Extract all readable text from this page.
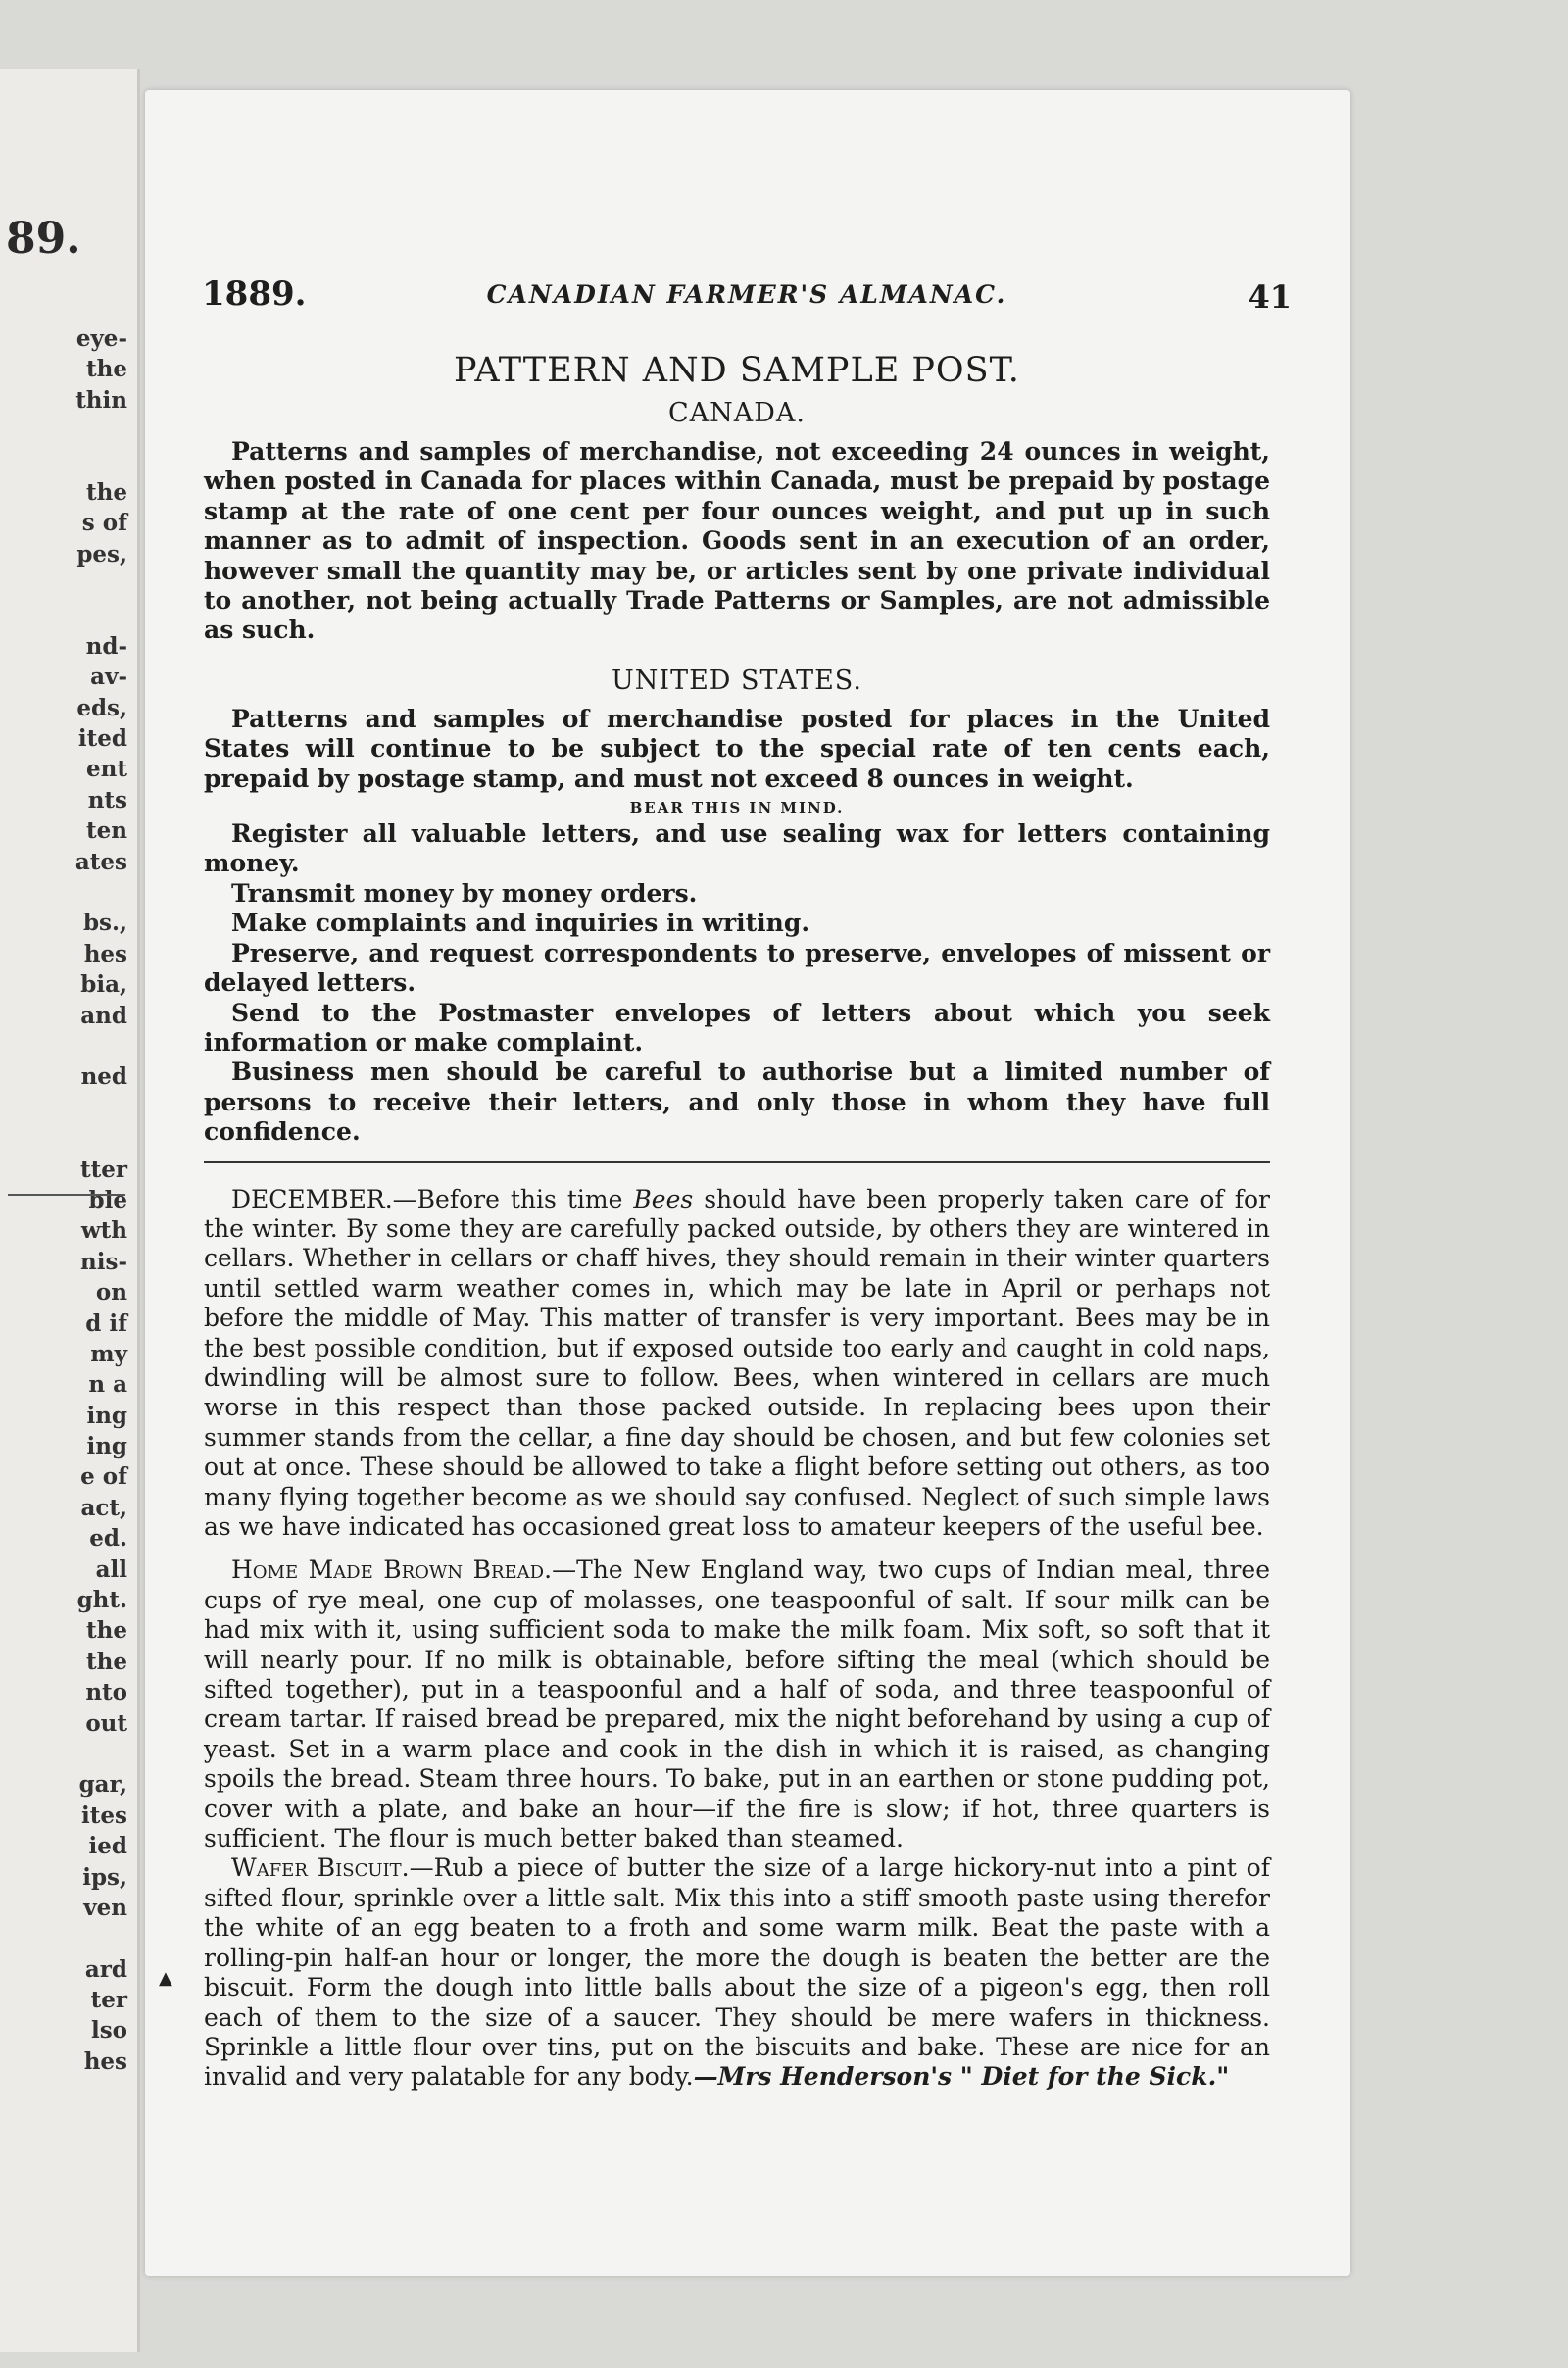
89.
eye-
the
thin
the
s of
pes,
nd-
av-
eds,
ited
ent
nts
ten
ates
bs.,
hes
bia,
and
ned
tter
ble
wth
nis-
on
d if
my
n a
ing
ing
e of
act,
ed.
all
ght.
the
the
nto
out
gar,
ites
ied
ips,
ven
ard
ter
lso
hes
1889.	CANADIAN FARMER'S ALMANAC.	41
PATTERN AND SAMPLE POST.
CANADA.

Patterns and samples of merchandise, not exceeding 24 ounces in weight, when posted in Canada for places within Canada, must be prepaid by postage stamp at the rate of one cent per four ounces weight, and put up in such manner as to admit of inspection. Goods sent in an execution of an order, however small the quantity may be, or articles sent by one private individual to another, not being actually Trade Patterns or Samples, are not admissible as such.

UNITED STATES.

Patterns and samples of merchandise posted for places in the United States will continue to be subject to the special rate of ten cents each, prepaid by postage stamp, and must not exceed 8 ounces in weight.

BEAR THIS IN MIND.

Register all valuable letters, and use sealing wax for letters containing money.

Transmit money by money orders.

Make complaints and inquiries in writing.

Preserve, and request correspondents to preserve, envelopes of missent or delayed letters.

Send to the Postmaster envelopes of letters about which you seek information or make complaint.

Business men should be careful to authorise but a limited number of persons to receive their letters, and only those in whom they have full confidence.

DECEMBER.—Before this time Bees should have been properly taken care of for the winter. By some they are carefully packed outside, by others they are wintered in cellars. Whether in cellars or chaff hives, they should remain in their winter quarters until settled warm weather comes in, which may be late in April or perhaps not before the middle of May. This matter of transfer is very important. Bees may be in the best possible condition, but if exposed outside too early and caught in cold naps, dwindling will be almost sure to follow. Bees, when wintered in cellars are much worse in this respect than those packed outside. In replacing bees upon their summer stands from the cellar, a fine day should be chosen, and but few colonies set out at once. These should be allowed to take a flight before setting out others, as too many flying together become as we should say confused. Neglect of such simple laws as we have indicated has occasioned great loss to amateur keepers of the useful bee.

Home Made Brown Bread.—The New England way, two cups of Indian meal, three cups of rye meal, one cup of molasses, one teaspoonful of salt. If sour milk can be had mix with it, using sufficient soda to make the milk foam. Mix soft, so soft that it will nearly pour. If no milk is obtainable, before sifting the meal (which should be sifted together), put in a teaspoonful and a half of soda, and three teaspoonful of cream tartar. If raised bread be prepared, mix the night beforehand by using a cup of yeast. Set in a warm place and cook in the dish in which it is raised, as changing spoils the bread. Steam three hours. To bake, put in an earthen or stone pudding pot, cover with a plate, and bake an hour—if the fire is slow; if hot, three quarters is sufficient. The flour is much better baked than steamed.

Wafer Biscuit.—Rub a piece of butter the size of a large hickory-nut into a pint of sifted flour, sprinkle over a little salt. Mix this into a stiff smooth paste using therefor the white of an egg beaten to a froth and some warm milk. Beat the paste with a rolling-pin half-an hour or longer, the more the dough is beaten the better are the biscuit. Form the dough into little balls about the size of a pigeon's egg, then roll each of them to the size of a saucer. They should be mere wafers in thickness. Sprinkle a little flour over tins, put on the biscuits and bake. These are nice for an invalid and very palatable for any body.—Mrs Henderson's " Diet for the Sick."

▲
